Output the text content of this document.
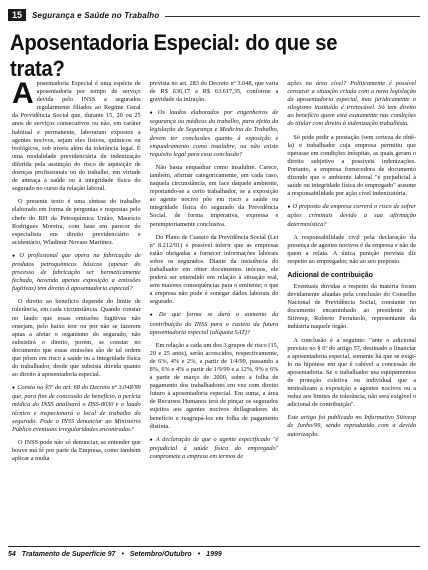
15	Segurança e Saúde no Trabalho
Aposentadoria Especial: do que se trata?

Aposentadoria Especial é uma espécie de aposentadoria por tempo de serviço devida pelo INSS a segurados regularmente filiados ao Regime Geral da Previdência Social que, durante 15, 20 ou 25 anos de serviços consecutivos ou não, em caráter habitual e permanente, laboraram expostos a agentes nocivos, sejam eles físicos, químicos ou biológicos, sob níveis além da tolerância legal. É uma modalidade previdenciária de indenização diferida pela assunção do risco de aquisição de doenças profissionais ou do trabalho, em virtude de ameaça à saúde ou à integridade física do segurado no curso da relação laboral.

O presente texto é uma síntese do trabalho elaborado em forma de perguntas e respostas pelo chefe do RH da Petroquímica União, Maurício Rodrigues Moreira, com base em parecer do especialista em direito previdenciário e acidentário, Wladimir Novaes Martinez.

● O profissional que opera na fabricação de produtos petroquímicos básicos (apesar do processo de fabricação ser hermeticamente fechado, havendo apenas exposição a emissões fugitivas) tem direito à aposentadoria especial?

O direito ao benefício depende do limite de tolerância, em cada circunstância. Quando constar no laudo que essas emissões fugitivas não ensejam, pelo baixo teor ou por não se fazerem aptas a afetar o organismo do segurado, não subsistirá o direito, porém, se constar no documento que essas emissões são de tal ordem que põem em risco a saúde ou a integridade física do trabalhador, desde que subsista dúvida quanto ao direito à aposentadoria especial.

● Consta no §5º do art. 68 do Decreto nº 3.048/99 que, para fins de concessão de benefício, a perícia médica do INSS analisará o DSS-8030 e o laudo técnico e inspecionará o local de trabalho do segurado. Pode o INSS denunciar ao Ministério Público eventuais irregularidades encontradas?

O INSS pode não só denunciar, se entender que houve má fé por parte da Empresa, como também aplicar a multa

prevista no art. 283 do Decreto nº 3.048, que varia de R$ 636,17 a R$ 63.617,35, conforme a gravidade da infração.

● Os laudos elaborados por engenheiros de segurança ou médicos do trabalho, para efeito da legislação de Segurança e Medicina do Trabalho, devem ter conclusões quanto à exposição e enquadramento como insalubre, ou não existe requisito legal para essa conclusão?

Não basta enquadrar como insalubre. Carece, também, afirmar categoricamente, em cada caso, naquela circunstância, em face daquele ambiente, reportando-se a certo trabalhador, se a exposição ao agente nocivo põe em risco a saúde ou integridade física do segurado da Previdência Social, de forma imperativa, expressa e peremptoriamente conclusiva.

Do Plano de Custeio da Previdência Social (Lei nº 8.212/91) é possível inferir que as empresas estão obrigadas a fornecer informações laborais sobre os segurados. Diante da insistência do trabalhador em obter documentos inócuos, ele poderá ser entendido em relação à situação real, sem maiores consequências para o emitente; o que a empresa não pode é sonegar dados laborais do segurado.

● De que forma se dará o aumento da contribuição do INSS para o custeio da futura aposentadoria especial (alíquota SAT)?

Em relação a cada um dos 3 grupos de risco (15, 20 e 25 anos), serão acrescidos, respectivamente, de 6%, 4% e 2%, a partir de 1/4/99, passando a 8%, 6% e 4% a partir de 1/9/99 e a 12%, 9% e 6% a partir de março de 2000, sobre a folha de pagamento dos trabalhadores em vez com direito futuro à aposentadoria especial. Em suma, a área de Recursos Humanos terá de pinçar os segurados sujeitos aos agentes nocivos deflagradores do benefício e reagrupá-los em folha de pagamento distinta.

● A declaração de que o agente especificado "é prejudicial à saúde física do empregado" compromete a empresa em termos de

ações na área cível? Politicamente é possível censurar a situação criada com a nova legislação da aposentadoria especial, mas juridicamente o silogismo instituído é irretocável. Só tem direito ao benefício quem está exatamente nas condições do titular com direito à indenização trabalhista.

Só pode pedir a prestação (sem certeza de obtê-la) o trabalhador cuja empresa permitiu que operasse em condições inóspitas, as quais geram o direito subjetivo a possíveis indenizações. Portanto, a empresa fornecedora de documento dizendo que o ambiente laboral "é prejudicial à saúde ou integridade física do empregado" assume a responsabilidade por ação cível indenizatória.

● O preposto da empresa correrá o risco de sofrer ações criminais devido a sua afirmação determinística?

A responsabilidade civil pela declaração da presença de agentes nocivos é da empresa e não de quem a relata. A única punição prevista diz respeito ao empregador, não ao seu preposto.

Adicional de contribuição

Eventuais dúvidas a respeito da matéria foram devidamente aluadas pela conclusão do Conselho Nacional de Previdência Social, constante no documento encaminhado ao presidente do Sitivesp, Roberto Ferraiuolo, representante da indústria naquele órgão.

A conclusão é a seguinte: "ante o adicional previsto no § 6º do artigo 57, destinado a financiar a aposentadoria especial, somente há que se exigi-lo na hipótese em que é cabível a concessão de aposentadoria. Se o trabalhador usa equipamentos de proteção coletiva ou individual que a neutralizam a exposição a agentes nocivos ou a reduz aos limites de tolerância, não será exigível o adicional de contribuição".

Este artigo foi publicado no Informativo Sitivesp de Junho/99, sendo reproduzido com a devida autorização.

54 Tratamento de Superfície 97 • Setembro/Outubro • 1999
